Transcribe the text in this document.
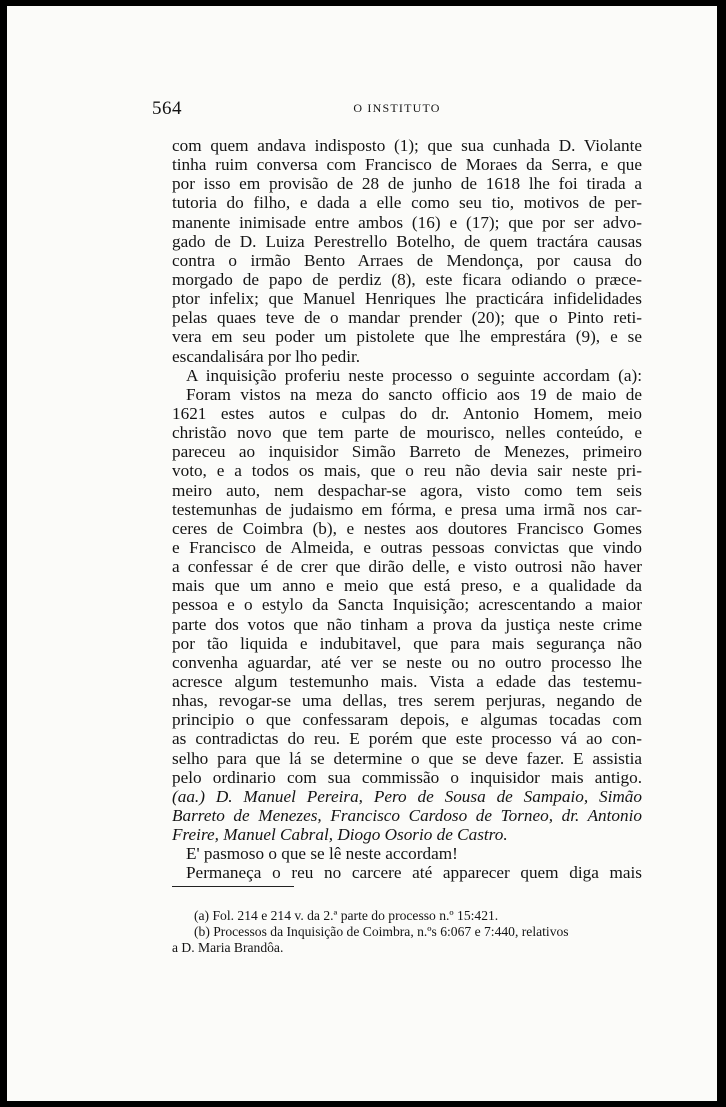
564	O INSTITUTO
com quem andava indisposto (1); que sua cunhada D. Violante
tinha ruim conversa com Francisco de Moraes da Serra, e que
por isso em provisão de 28 de junho de 1618 lhe foi tirada a
tutoria do filho, e dada a elle como seu tio, motivos de per-
manente inimisade entre ambos (16) e (17); que por ser advo-
gado de D. Luiza Perestrello Botelho, de quem tractára causas
contra o irmão Bento Arraes de Mendonça, por causa do
morgado de papo de perdiz (8), este ficara odiando o præce-
ptor infelix; que Manuel Henriques lhe practicára infidelidades
pelas quaes teve de o mandar prender (20); que o Pinto reti-
vera em seu poder um pistolete que lhe emprestára (9), e se
escandalisára por lho pedir.
A inquisição proferiu neste processo o seguinte accordam (a):
Foram vistos na meza do sancto officio aos 19 de maio de
1621 estes autos e culpas do dr. Antonio Homem, meio
christão novo que tem parte de mourisco, nelles conteúdo, e
pareceu ao inquisidor Simão Barreto de Menezes, primeiro
voto, e a todos os mais, que o reu não devia sair neste pri-
meiro auto, nem despachar-se agora, visto como tem seis
testemunhas de judaismo em fórma, e presa uma irmã nos car-
ceres de Coimbra (b), e nestes aos doutores Francisco Gomes
e Francisco de Almeida, e outras pessoas convictas que vindo
a confessar é de crer que dirão delle, e visto outrosi não haver
mais que um anno e meio que está preso, e a qualidade da
pessoa e o estylo da Sancta Inquisição; acrescentando a maior
parte dos votos que não tinham a prova da justiça neste crime
por tão liquida e indubitavel, que para mais segurança não
convenha aguardar, até ver se neste ou no outro processo lhe
acresce algum testemunho mais. Vista a edade das testemu-
nhas, revogar-se uma dellas, tres serem perjuras, negando de
principio o que confessaram depois, e algumas tocadas com
as contradictas do reu. E porém que este processo vá ao con-
selho para que lá se determine o que se deve fazer. E assistia
pelo ordinario com sua commissão o inquisidor mais antigo.
(aa.) D. Manuel Pereira, Pero de Sousa de Sampaio, Simão
Barreto de Menezes, Francisco Cardoso de Torneo, dr. Antonio
Freire, Manuel Cabral, Diogo Osorio de Castro.
E' pasmoso o que se lê neste accordam!
Permaneça o reu no carcere até apparecer quem diga mais
(a) Fol. 214 e 214 v. da 2.ª parte do processo n.º 15:421.
(b) Processos da Inquisição de Coimbra, n.ºs 6:067 e 7:440, relativos
a D. Maria Brandôa.
